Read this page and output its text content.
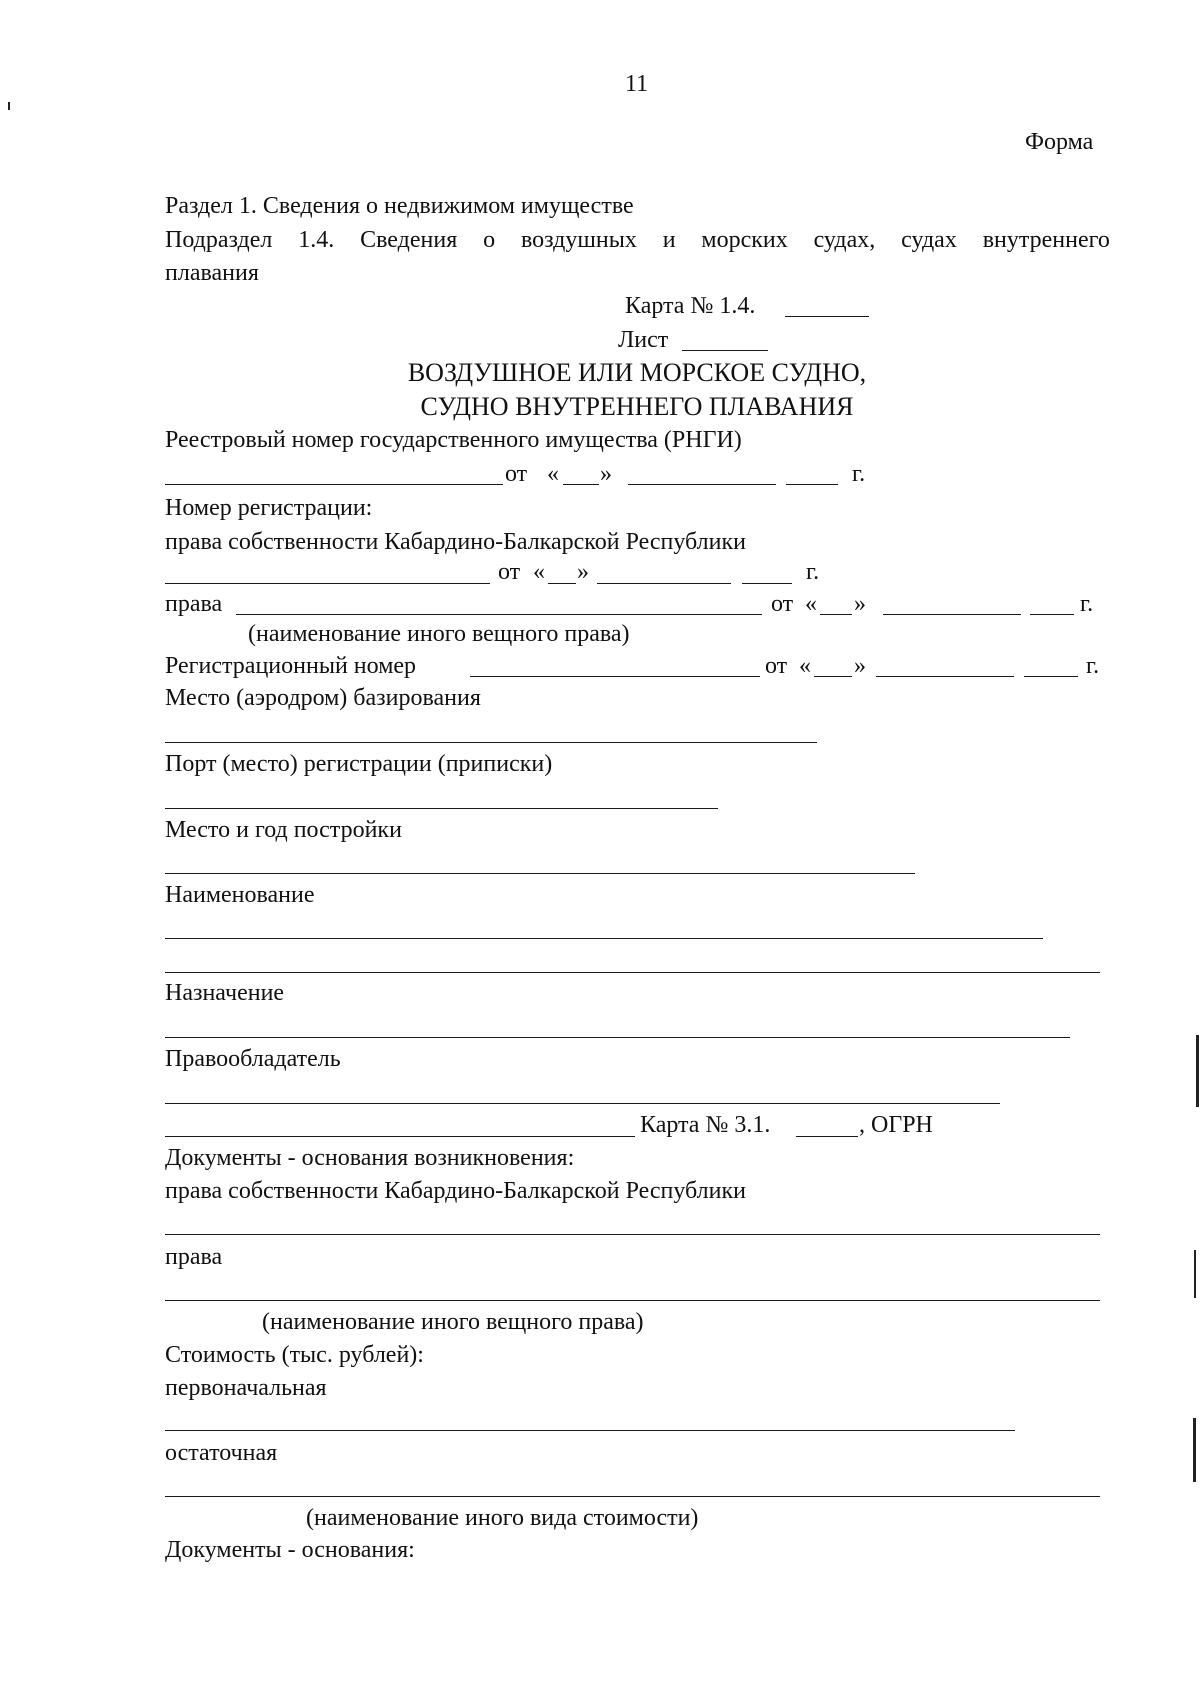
11
Форма
Раздел 1. Сведения о недвижимом имуществе
Подраздел 1.4. Сведения о воздушных и морских судах, судах внутреннего
плавания
Карта № 1.4.
Лист
ВОЗДУШНОЕ ИЛИ МОРСКОЕ СУДНО,
СУДНО ВНУТРЕННЕГО ПЛАВАНИЯ
Реестровый номер государственного имущества (РНГИ)
от « »	г.
Номер регистрации:
права собственности Кабардино-Балкарской Республики
от « »	г.
права	от « »	г.
(наименование иного вещного права)
Регистрационный номер	от « »	г.
Место (аэродром) базирования
Порт (место) регистрации (приписки)
Место и год постройки
Наименование
Назначение
Правообладатель
Карта № 3.1.	, ОГРН
Документы - основания возникновения:
права собственности Кабардино-Балкарской Республики
права
(наименование иного вещного права)
Стоимость (тыс. рублей):
первоначальная
остаточная
(наименование иного вида стоимости)
Документы - основания:
